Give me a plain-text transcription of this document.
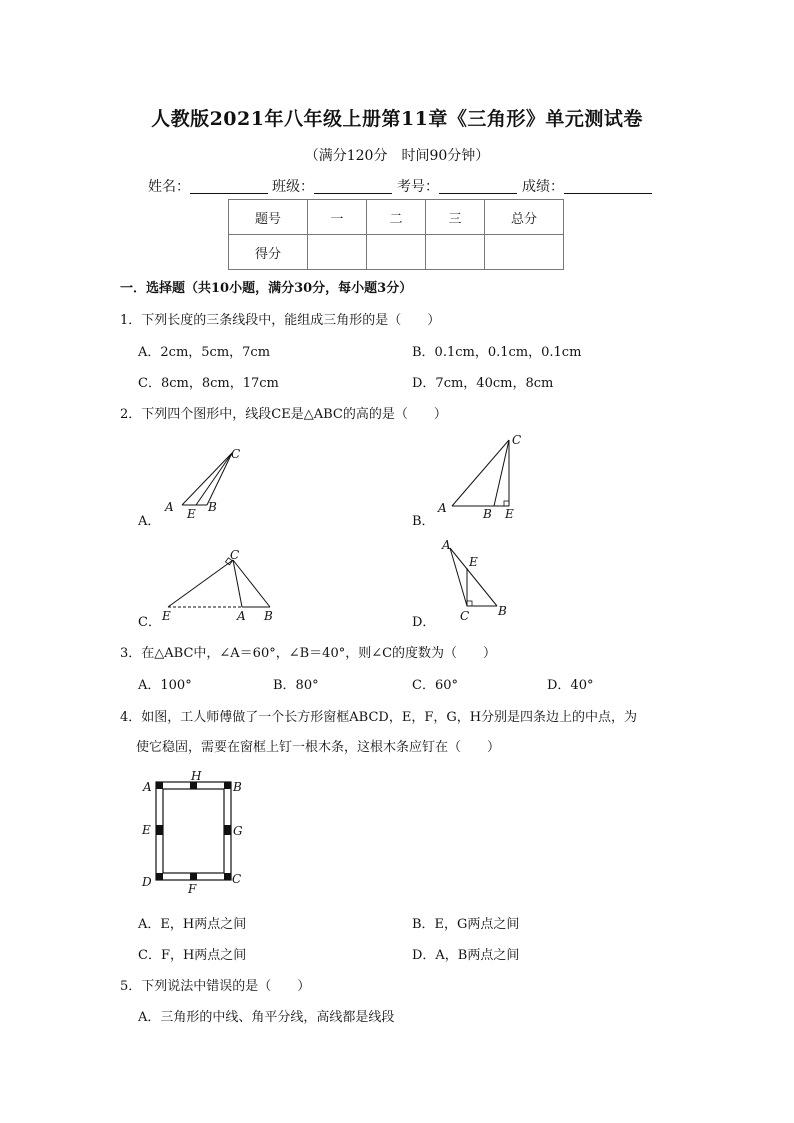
人教版2021年八年级上册第11章《三角形》单元测试卷
（满分120分　时间90分钟）
姓名：	班级：	考号：	成绩：
题号	一	二	三	总分
得分				
一．选择题（共10小题，满分30分，每小题3分）
1．下列长度的三条线段中，能组成三角形的是（　　）
A．2cm，5cm，7cm	B．0.1cm，0.1cm，0.1cm
C．8cm，8cm，17cm	D．7cm，40cm，8cm
2．下列四个图形中，线段CE是△ABC的高的是（　　）
A．
A	B
C
E	B．
A	B
C
E
C． E	A B
C
D．
A
E
C B
3．在△ABC中，∠A＝60°，∠B＝40°，则∠C的度数为（　　）
A．100°	B．80°	C．60°	D．40°
4．如图，工人师傅做了一个长方形窗框ABCD，E，F，G，H分别是四条边上的中点，为
使它稳固，需要在窗框上钉一根木条，这根木条应钉在（　　）
A	B
C
D
E
F
G
H
A．E，H两点之间	B．E，G两点之间
C．F，H两点之间	D．A，B两点之间
5．下列说法中错误的是（　　）
A．三角形的中线、角平分线，高线都是线段
